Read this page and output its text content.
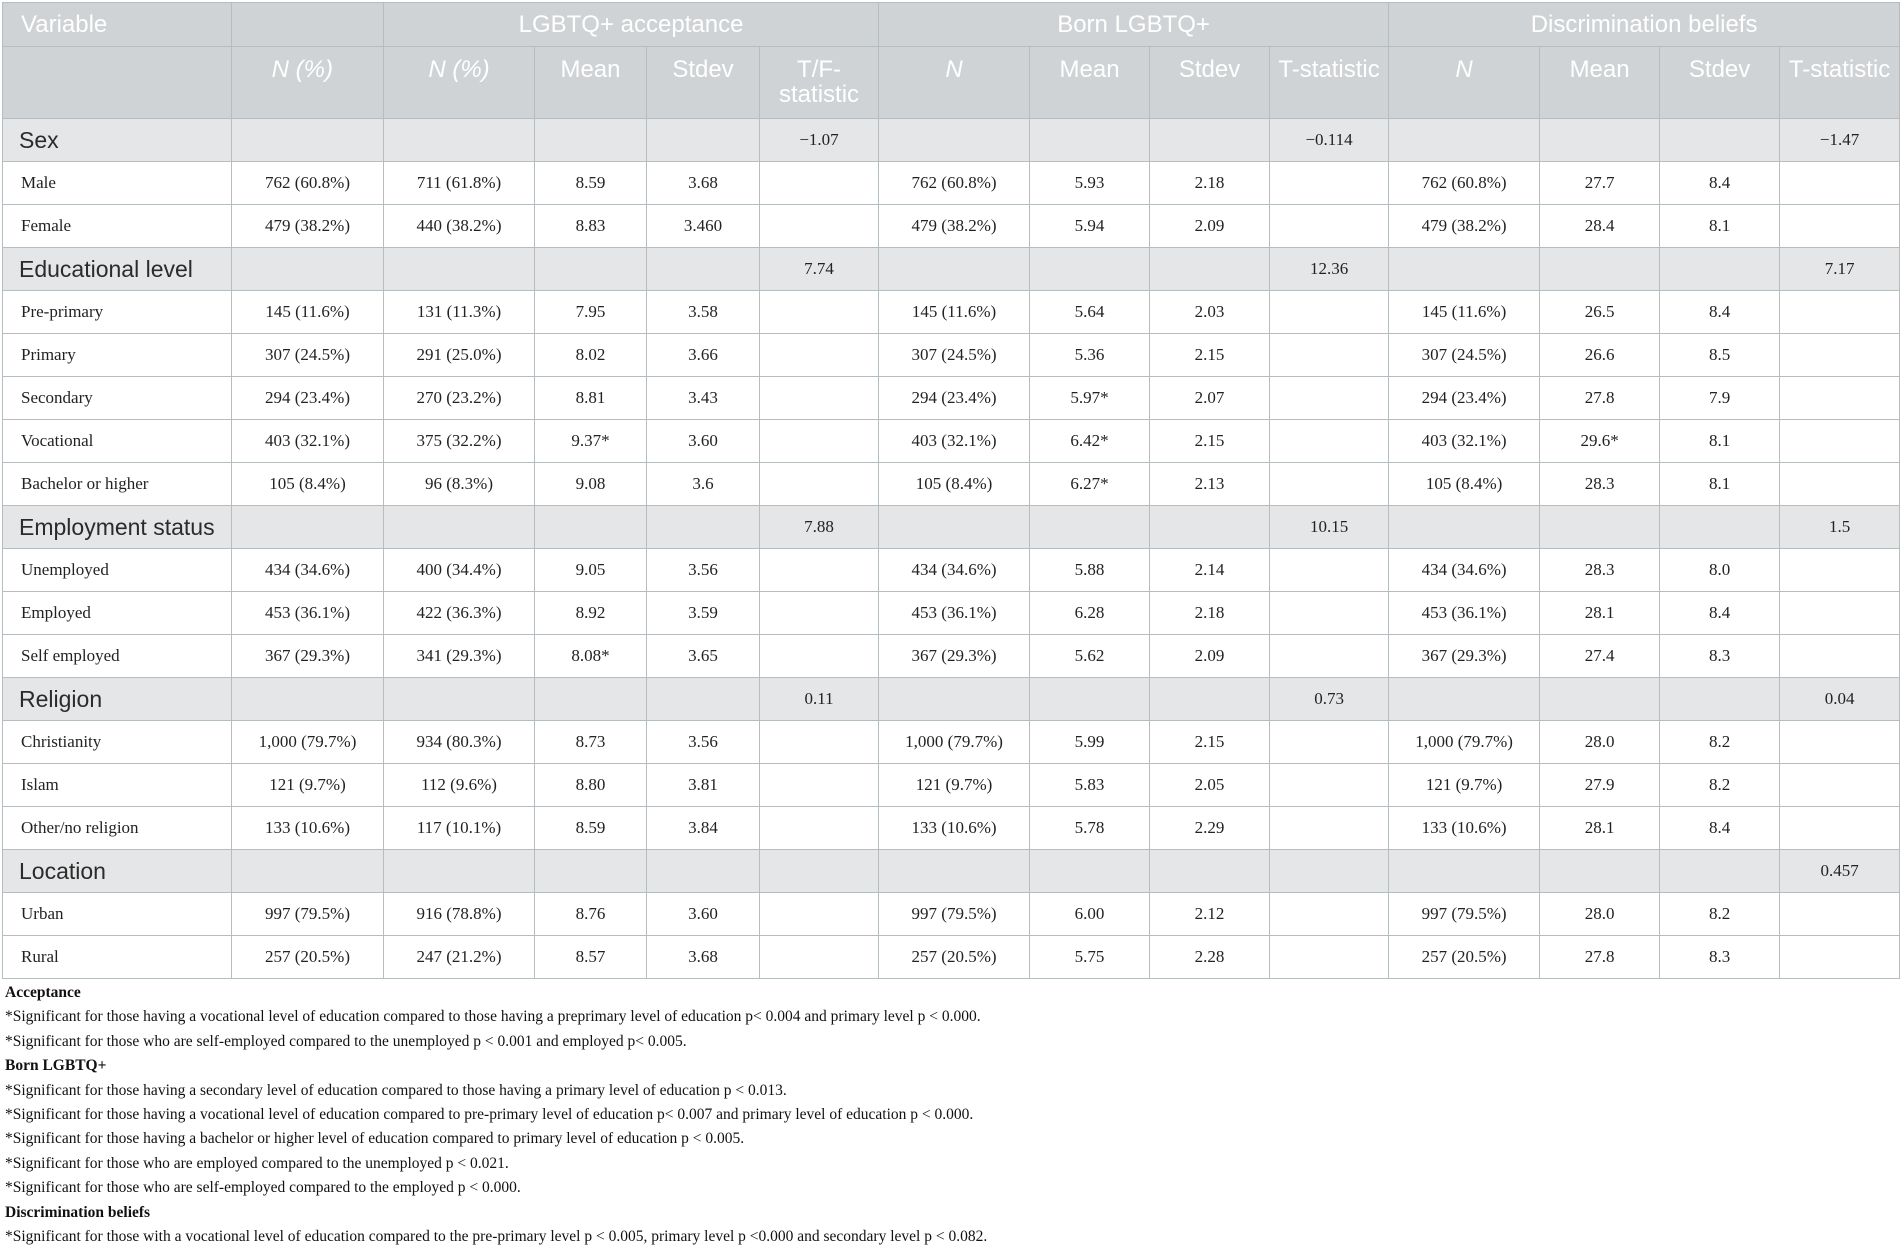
Variable		LGBTQ+ acceptance				Born LGBTQ+				Discrimination beliefs			
	N (%)	N (%)	Mean	Stdev	T/F-statistic	N	Mean	Stdev	T-statistic	N	Mean	Stdev	T-statistic
Sex					−1.07				−0.114				−1.47
Male	762 (60.8%)	711 (61.8%)	8.59	3.68		762 (60.8%)	5.93	2.18		762 (60.8%)	27.7	8.4	
Female	479 (38.2%)	440 (38.2%)	8.83	3.460		479 (38.2%)	5.94	2.09		479 (38.2%)	28.4	8.1	
Educational level					7.74				12.36				7.17
Pre-primary	145 (11.6%)	131 (11.3%)	7.95	3.58		145 (11.6%)	5.64	2.03		145 (11.6%)	26.5	8.4	
Primary	307 (24.5%)	291 (25.0%)	8.02	3.66		307 (24.5%)	5.36	2.15		307 (24.5%)	26.6	8.5	
Secondary	294 (23.4%)	270 (23.2%)	8.81	3.43		294 (23.4%)	5.97*	2.07		294 (23.4%)	27.8	7.9	
Vocational	403 (32.1%)	375 (32.2%)	9.37*	3.60		403 (32.1%)	6.42*	2.15		403 (32.1%)	29.6*	8.1	
Bachelor or higher	105 (8.4%)	96 (8.3%)	9.08	3.6		105 (8.4%)	6.27*	2.13		105 (8.4%)	28.3	8.1	
Employment status					7.88				10.15				1.5
Unemployed	434 (34.6%)	400 (34.4%)	9.05	3.56		434 (34.6%)	5.88	2.14		434 (34.6%)	28.3	8.0	
Employed	453 (36.1%)	422 (36.3%)	8.92	3.59		453 (36.1%)	6.28	2.18		453 (36.1%)	28.1	8.4	
Self employed	367 (29.3%)	341 (29.3%)	8.08*	3.65		367 (29.3%)	5.62	2.09		367 (29.3%)	27.4	8.3	
Religion					0.11				0.73				0.04
Christianity	1,000 (79.7%)	934 (80.3%)	8.73	3.56		1,000 (79.7%)	5.99	2.15		1,000 (79.7%)	28.0	8.2	
Islam	121 (9.7%)	112 (9.6%)	8.80	3.81		121 (9.7%)	5.83	2.05		121 (9.7%)	27.9	8.2	
Other/no religion	133 (10.6%)	117 (10.1%)	8.59	3.84		133 (10.6%)	5.78	2.29		133 (10.6%)	28.1	8.4	
Location													0.457
Urban	997 (79.5%)	916 (78.8%)	8.76	3.60		997 (79.5%)	6.00	2.12		997 (79.5%)	28.0	8.2	
Rural	257 (20.5%)	247 (21.2%)	8.57	3.68		257 (20.5%)	5.75	2.28		257 (20.5%)	27.8	8.3	
Acceptance
*Significant for those having a vocational level of education compared to those having a preprimary level of education p< 0.004 and primary level p < 0.000.
*Significant for those who are self-employed compared to the unemployed p < 0.001 and employed p< 0.005.
Born LGBTQ+
*Significant for those having a secondary level of education compared to those having a primary level of education p < 0.013.
*Significant for those having a vocational level of education compared to pre-primary level of education p< 0.007 and primary level of education p < 0.000.
*Significant for those having a bachelor or higher level of education compared to primary level of education p < 0.005.
*Significant for those who are employed compared to the unemployed p < 0.021.
*Significant for those who are self-employed compared to the employed p < 0.000.
Discrimination beliefs
*Significant for those with a vocational level of education compared to the pre-primary level p < 0.005, primary level p <0.000 and secondary level p < 0.082.
